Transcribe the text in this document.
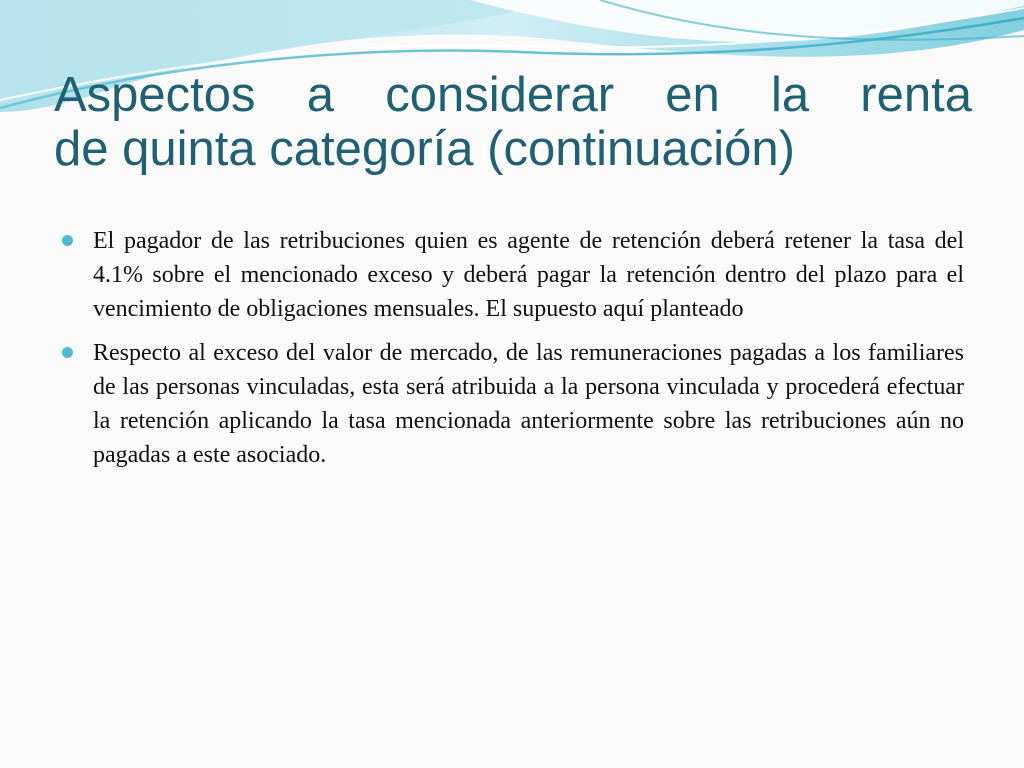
Aspectos a considerar en la renta
de quinta categoría (continuación)
El pagador de las retribuciones quien es agente de retención deberá retener la tasa del 4.1% sobre el mencionado exceso y deberá pagar la retención dentro del plazo para el vencimiento de obligaciones mensuales. El supuesto aquí planteado
Respecto al exceso del valor de mercado, de las remuneraciones pagadas a los familiares de las personas vinculadas, esta será atribuida a la persona vinculada y procederá efectuar la retención aplicando la tasa mencionada anteriormente sobre las retribuciones aún no pagadas a este asociado.
